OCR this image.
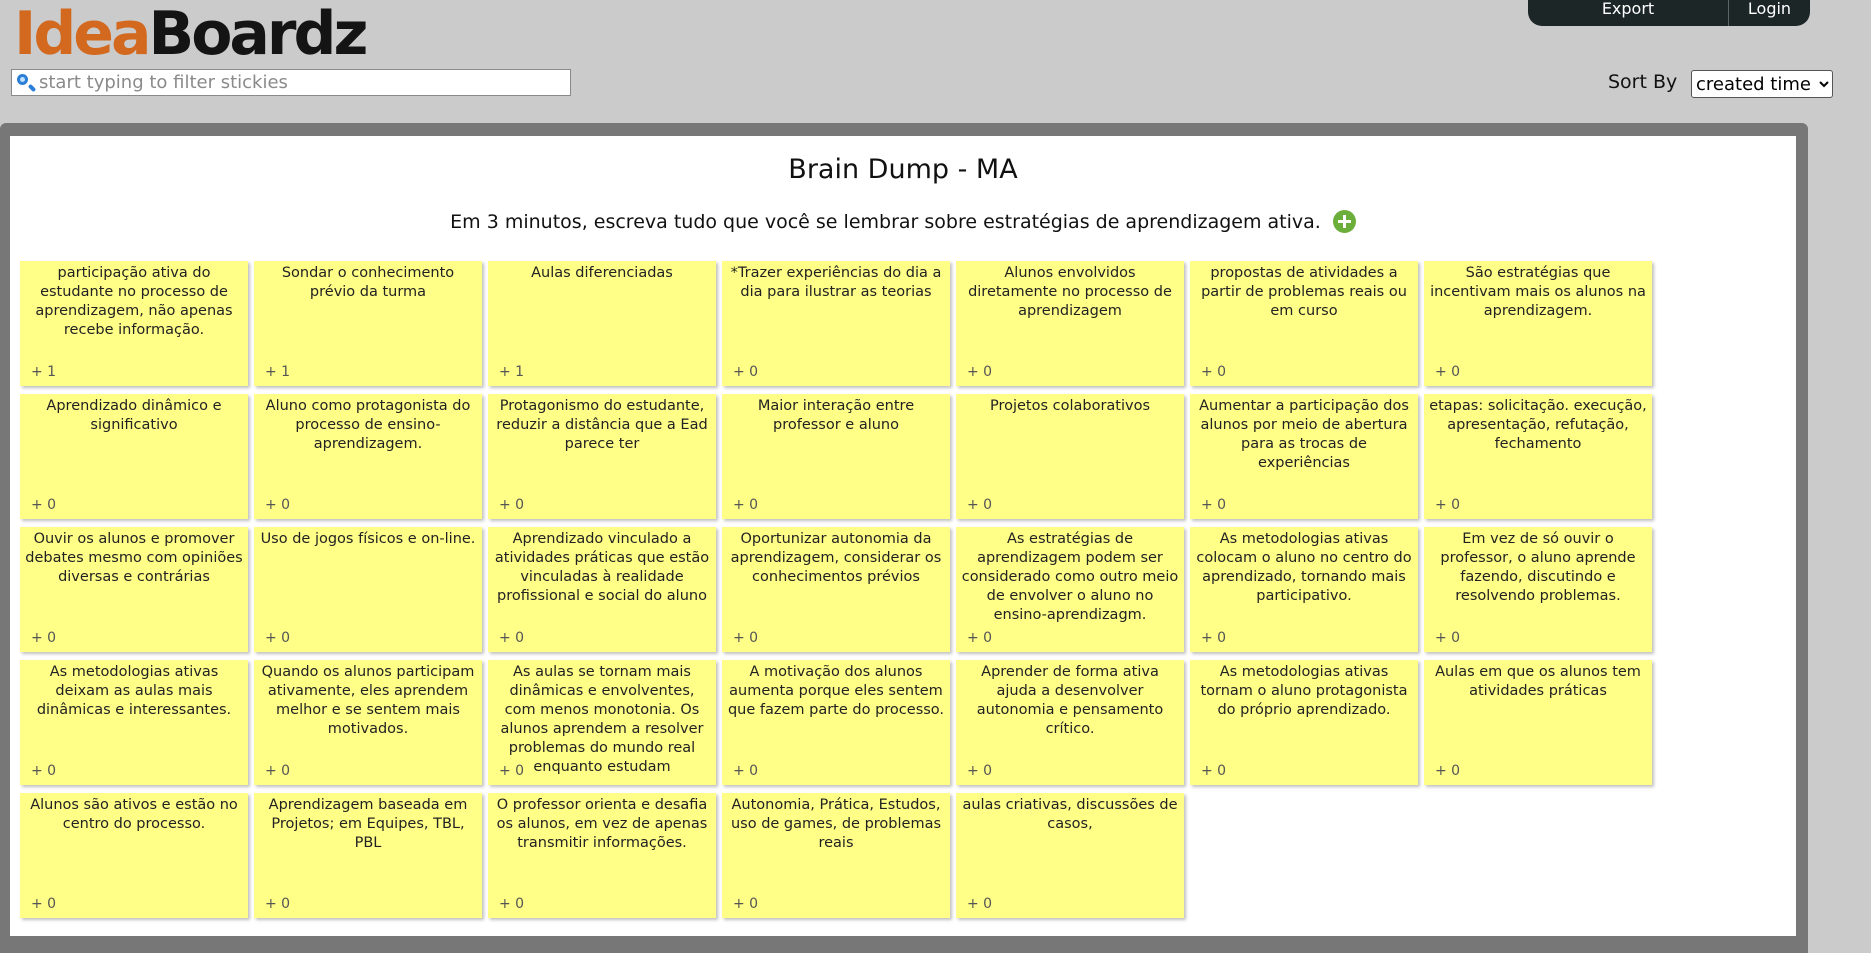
IdeaBoardz	Export	Login
start typing to filter stickies
Sort By
created time
Brain Dump - MA
Em 3 minutos, escreva tudo que você se lembrar sobre estratégias de aprendizagem ativa.
participação ativa do estudante no processo de aprendizagem, não apenas recebe informação.
+ 1
Sondar o conhecimento prévio da turma
+ 1
Aulas diferenciadas
+ 1
*Trazer experiências do dia a dia para ilustrar as teorias
+ 0
Alunos envolvidos diretamente no processo de aprendizagem
+ 0
propostas de atividades a partir de problemas reais ou em curso
+ 0
São estratégias que incentivam mais os alunos na aprendizagem.
+ 0
Aprendizado dinâmico e significativo
+ 0
Aluno como protagonista do processo de ensino-aprendizagem.
+ 0
Protagonismo do estudante, reduzir a distância que a Ead parece ter
+ 0
Maior interação entre professor e aluno
+ 0
Projetos colaborativos
+ 0
Aumentar a participação dos alunos por meio de abertura para as trocas de experiências
+ 0
etapas: solicitação. execução, apresentação, refutação, fechamento
+ 0
Ouvir os alunos e promover debates mesmo com opiniões diversas e contrárias
+ 0
Uso de jogos físicos e on-line.
+ 0
Aprendizado vinculado a atividades práticas que estão vinculadas à realidade profissional e social do aluno
+ 0
Oportunizar autonomia da aprendizagem, considerar os conhecimentos prévios
+ 0
As estratégias de aprendizagem podem ser considerado como outro meio de envolver o aluno no ensino-aprendizagm.
+ 0
As metodologias ativas colocam o aluno no centro do aprendizado, tornando mais participativo.
+ 0
Em vez de só ouvir o professor, o aluno aprende fazendo, discutindo e resolvendo problemas.
+ 0
As metodologias ativas deixam as aulas mais dinâmicas e interessantes.
+ 0
Quando os alunos participam ativamente, eles aprendem melhor e se sentem mais motivados.
+ 0
As aulas se tornam mais dinâmicas e envolventes, com menos monotonia. Os alunos aprendem a resolver problemas do mundo real enquanto estudam
+ 0
A motivação dos alunos aumenta porque eles sentem que fazem parte do processo.
+ 0
Aprender de forma ativa ajuda a desenvolver autonomia e pensamento crítico.
+ 0
As metodologias ativas tornam o aluno protagonista do próprio aprendizado.
+ 0
Aulas em que os alunos tem atividades práticas
+ 0
Alunos são ativos e estão no centro do processo.
+ 0
Aprendizagem baseada em Projetos; em Equipes, TBL, PBL
+ 0
O professor orienta e desafia os alunos, em vez de apenas transmitir informações.
+ 0
Autonomia, Prática, Estudos, uso de games, de problemas reais
+ 0
aulas criativas, discussões de casos,
+ 0
